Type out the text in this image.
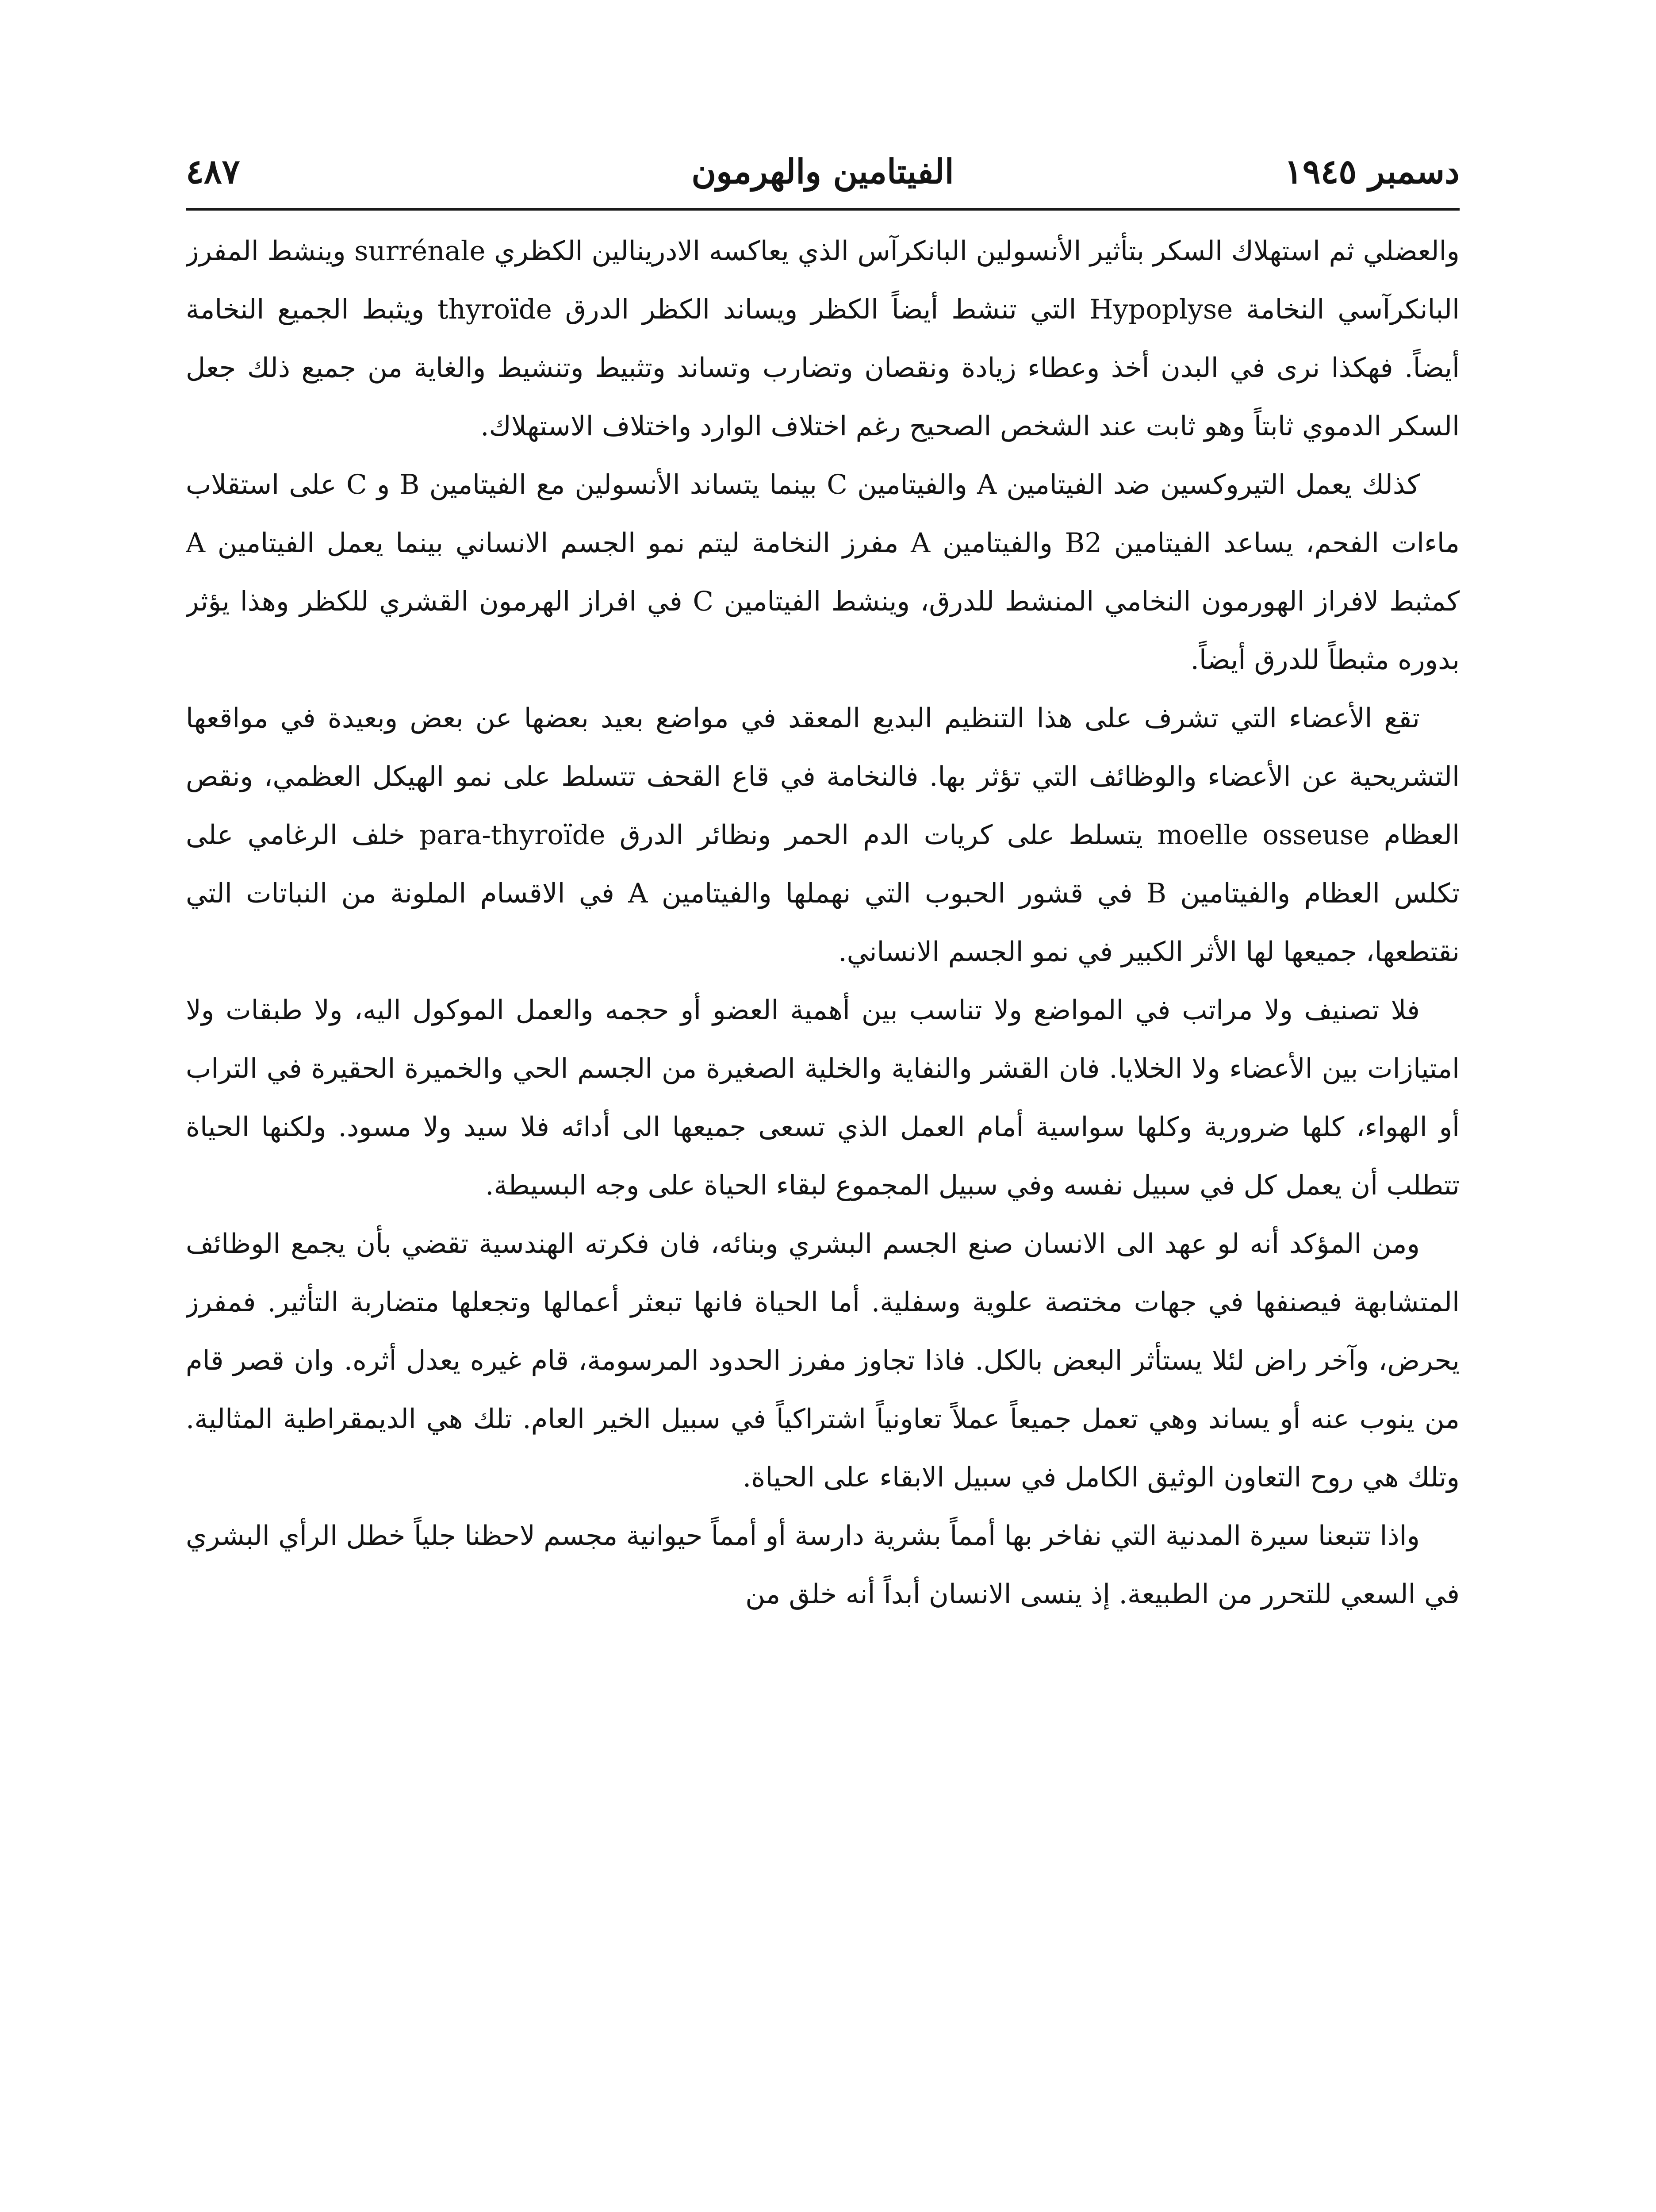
دسمبر ١٩٤٥
الفيتامين والهرمون
٤٨٧

والعضلي ثم استهلاك السكر بتأثير الأنسولين البانكرآس الذي يعاكسه الادرينالين الكظري surrénale وينشط المفرز البانكرآسي النخامة Hypoplyse التي تنشط أيضاً الكظر ويساند الكظر الدرق thyroïde ويثبط الجميع النخامة أيضاً. فهكذا نرى في البدن أخذ وعطاء زيادة ونقصان وتضارب وتساند وتثبيط وتنشيط والغاية من جميع ذلك جعل السكر الدموي ثابتاً وهو ثابت عند الشخص الصحيح رغم اختلاف الوارد واختلاف الاستهلاك.

كذلك يعمل التيروكسين ضد الفيتامين A والفيتامين C بينما يتساند الأنسولين مع الفيتامين B و C على استقلاب ماءات الفحم، يساعد الفيتامين B2 والفيتامين A مفرز النخامة ليتم نمو الجسم الانساني بينما يعمل الفيتامين A كمثبط لافراز الهورمون النخامي المنشط للدرق، وينشط الفيتامين C في افراز الهرمون القشري للكظر وهذا يؤثر بدوره مثبطاً للدرق أيضاً.

تقع الأعضاء التي تشرف على هذا التنظيم البديع المعقد في مواضع بعيد بعضها عن بعض وبعيدة في مواقعها التشريحية عن الأعضاء والوظائف التي تؤثر بها. فالنخامة في قاع القحف تتسلط على نمو الهيكل العظمي، ونقص العظام moelle osseuse يتسلط على كريات الدم الحمر ونظائر الدرق para-thyroïde خلف الرغامي على تكلس العظام والفيتامين B في قشور الحبوب التي نهملها والفيتامين A في الاقسام الملونة من النباتات التي نقتطعها، جميعها لها الأثر الكبير في نمو الجسم الانساني.

فلا تصنيف ولا مراتب في المواضع ولا تناسب بين أهمية العضو أو حجمه والعمل الموكول اليه، ولا طبقات ولا امتيازات بين الأعضاء ولا الخلايا. فان القشر والنفاية والخلية الصغيرة من الجسم الحي والخميرة الحقيرة في التراب أو الهواء، كلها ضرورية وكلها سواسية أمام العمل الذي تسعى جميعها الى أدائه فلا سيد ولا مسود. ولكنها الحياة تتطلب أن يعمل كل في سبيل نفسه وفي سبيل المجموع لبقاء الحياة على وجه البسيطة.

ومن المؤكد أنه لو عهد الى الانسان صنع الجسم البشري وبنائه، فان فكرته الهندسية تقضي بأن يجمع الوظائف المتشابهة فيصنفها في جهات مختصة علوية وسفلية. أما الحياة فانها تبعثر أعمالها وتجعلها متضاربة التأثير. فمفرز يحرض، وآخر راض لئلا يستأثر البعض بالكل. فاذا تجاوز مفرز الحدود المرسومة، قام غيره يعدل أثره. وان قصر قام من ينوب عنه أو يساند وهي تعمل جميعاً عملاً تعاونياً اشتراكياً في سبيل الخير العام. تلك هي الديمقراطية المثالية. وتلك هي روح التعاون الوثيق الكامل في سبيل الابقاء على الحياة.

واذا تتبعنا سيرة المدنية التي نفاخر بها أمماً بشرية دارسة أو أمماً حيوانية مجسم لاحظنا جلياً خطل الرأي البشري في السعي للتحرر من الطبيعة. إذ ينسى الانسان أبداً أنه خلق من
